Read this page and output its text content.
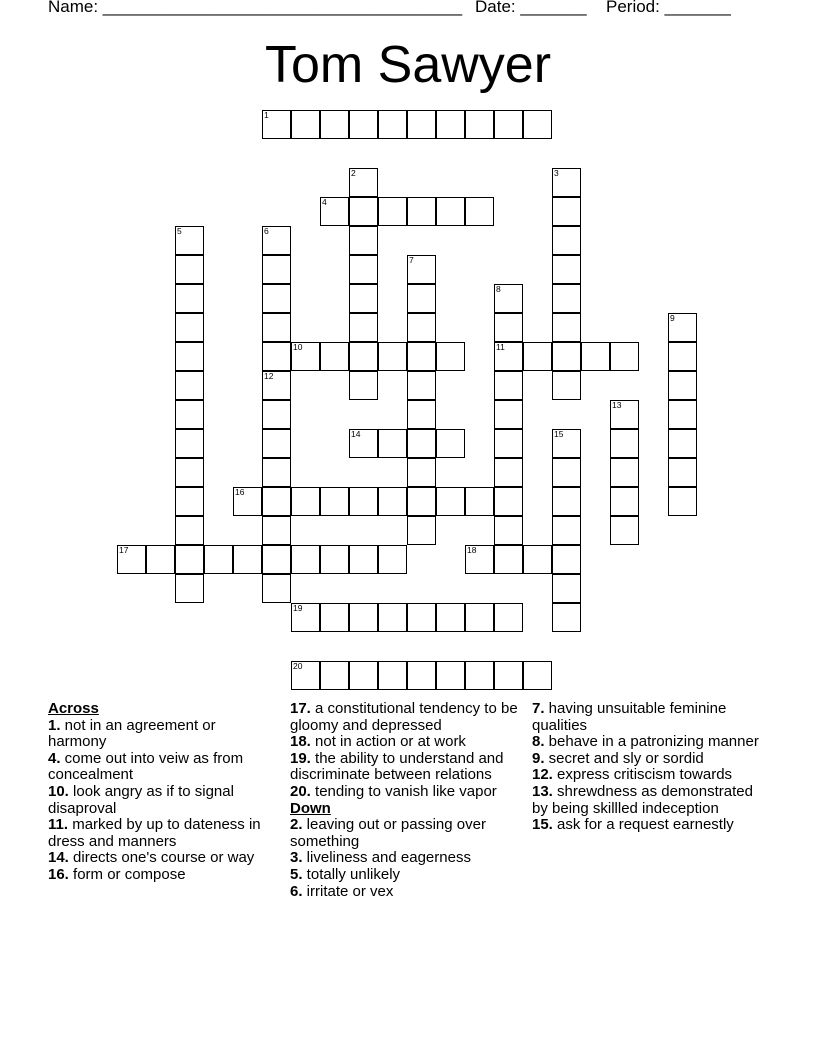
Name: ______________________________________ Date: _______ Period: _______
Tom Sawyer
1
4
10	11
14
16
17	18
19
20
2	3
5	6
7
8
9
12
13
15
Across
1. not in an agreement or harmony
4. come out into veiw as from concealment
10. look angry as if to signal disaproval
11. marked by up to dateness in dress and manners
14. directs one's course or way
16. form or compose
17. a constitutional tendency to be gloomy and depressed
18. not in action or at work
19. the ability to understand and discriminate between relations
20. tending to vanish like vapor
Down
2. leaving out or passing over something
3. liveliness and eagerness
5. totally unlikely
6. irritate or vex
7. having unsuitable feminine qualities
8. behave in a patronizing manner
9. secret and sly or sordid
12. express critiscism towards
13. shrewdness as demonstrated by being skillled indeception
15. ask for a request earnestly
